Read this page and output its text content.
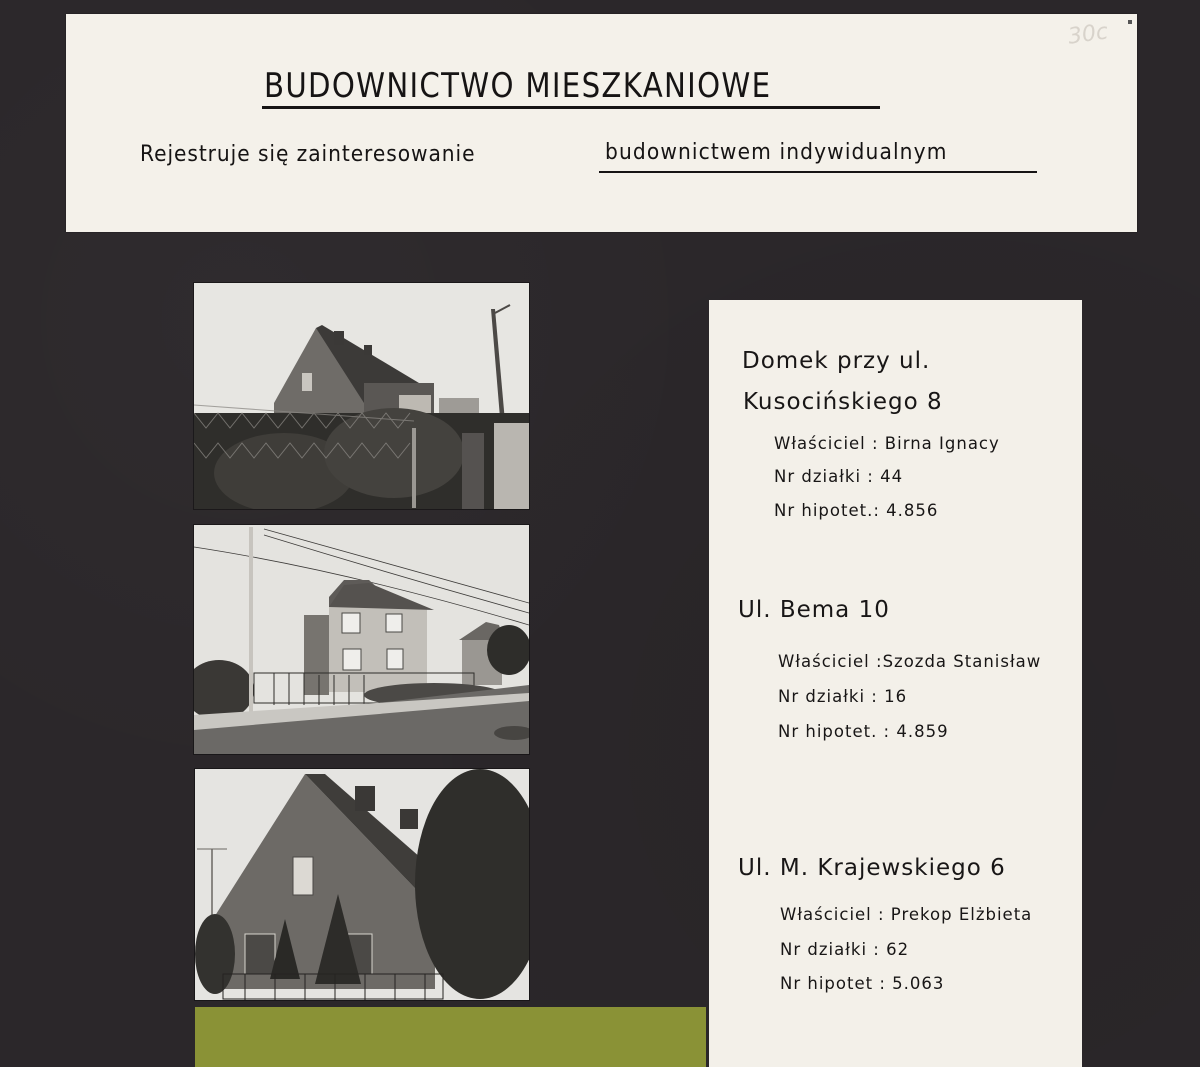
BUDOWNICTWO MIESZKANIOWE
Rejestruje się zainteresowanie	budownictwem indywidualnym
30c
Domek przy ul.
Kusocińskiego 8
Właściciel : Birna Ignacy
Nr działki : 44
Nr hipotet.: 4.856
Ul. Bema 10
Właściciel :Szozda Stanisław
Nr działki : 16
Nr hipotet. : 4.859
Ul. M. Krajewskiego 6
Właściciel : Prekop Elżbieta
Nr działki : 62
Nr hipotet : 5.063
